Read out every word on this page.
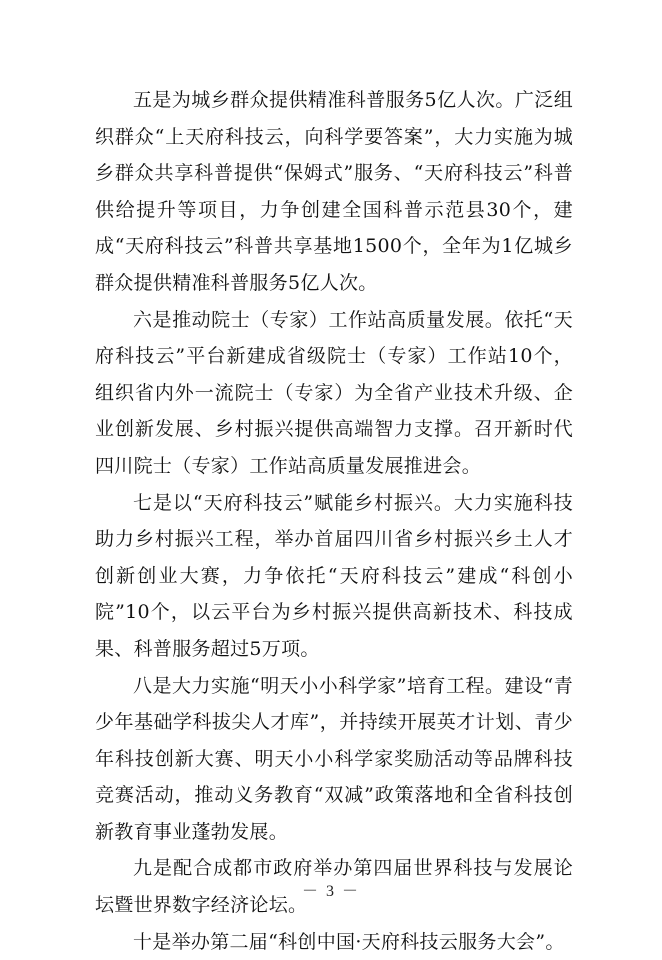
五是为城乡群众提供精准科普服务5亿人次。广泛组织群众“上天府科技云，向科学要答案”，大力实施为城乡群众共享科普提供“保姆式”服务、“天府科技云”科普供给提升等项目，力争创建全国科普示范县30个，建成“天府科技云”科普共享基地1500个，全年为1亿城乡群众提供精准科普服务5亿人次。

六是推动院士（专家）工作站高质量发展。依托“天府科技云”平台新建成省级院士（专家）工作站10个，组织省内外一流院士（专家）为全省产业技术升级、企业创新发展、乡村振兴提供高端智力支撑。召开新时代四川院士（专家）工作站高质量发展推进会。

七是以“天府科技云”赋能乡村振兴。大力实施科技助力乡村振兴工程，举办首届四川省乡村振兴乡土人才创新创业大赛，力争依托“天府科技云”建成“科创小院”10个，以云平台为乡村振兴提供高新技术、科技成果、科普服务超过5万项。

八是大力实施“明天小小科学家”培育工程。建设“青少年基础学科拔尖人才库”，并持续开展英才计划、青少年科技创新大赛、明天小小科学家奖励活动等品牌科技竞赛活动，推动义务教育“双减”政策落地和全省科技创新教育事业蓬勃发展。

九是配合成都市政府举办第四届世界科技与发展论坛暨世界数字经济论坛。

十是举办第二届“科创中国·天府科技云服务大会”。

－ 3 －
